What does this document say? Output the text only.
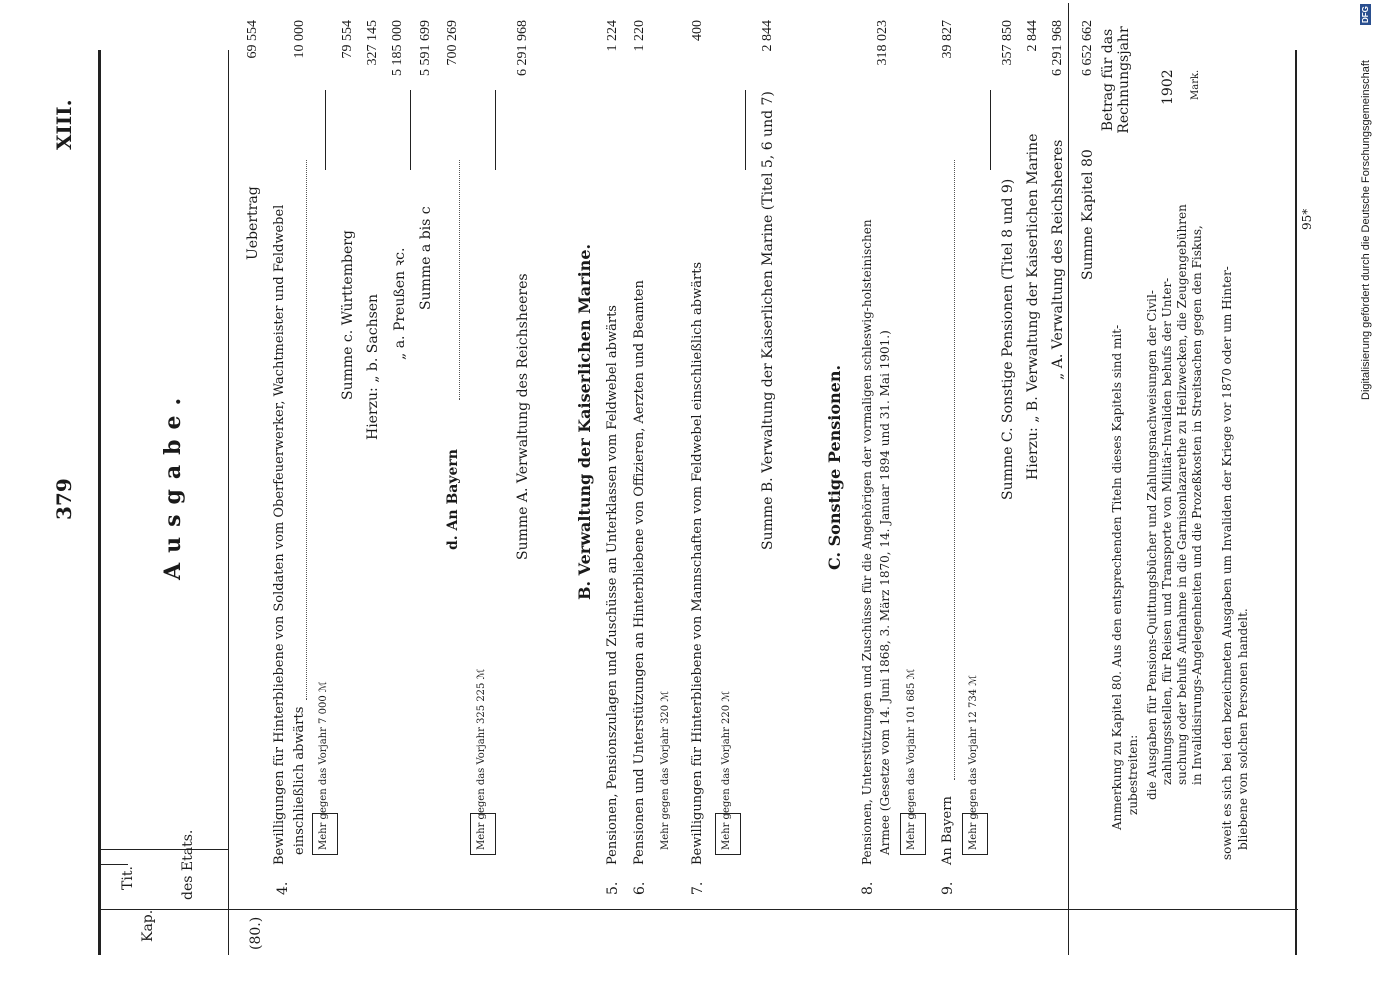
379
XIII.
Kap.
Tit.	des Etats.
Betrag für das Rechnungsjahr 1902 Mark.
Ausgabe.
(80.)
4.
Uebertrag
69 554
Bewilligungen für Hinterbliebene von Soldaten vom Oberfeuerwerker, Wachtmeister und Feldwebel einschließlich abwärts
10 000
Mehr gegen das Vorjahr 7 000 ℳ
Summe c. Württemberg
79 554
Hierzu: „ b. Sachsen
327 145
„ a. Preußen ꝛc.
5 185 000
Summe a bis c
5 591 699
d. An Bayern
700 269
Mehr gegen das Vorjahr 325 225 ℳ
Summe A. Verwaltung des Reichsheeres
6 291 968
B. Verwaltung der Kaiserlichen Marine.
5.
Pensionen, Pensionszulagen und Zuschüsse an Unterklassen vom Feldwebel abwärts
1 224
6.
Pensionen und Unterstützungen an Hinterbliebene von Offizieren, Aerzten und Beamten
1 220
Mehr gegen das Vorjahr 320 ℳ
7.
Bewilligungen für Hinterbliebene von Mannschaften vom Feldwebel einschließlich abwärts
400
Mehr gegen das Vorjahr 220 ℳ
Summe B. Verwaltung der Kaiserlichen Marine (Titel 5, 6 und 7)
2 844
C. Sonstige Pensionen.
8.
Pensionen, Unterstützungen und Zuschüsse für die Angehörigen der vormaligen schleswig-holsteinischen Armee (Gesetze vom 14. Juni 1868, 3. März 1870, 14. Januar 1894 und 31. Mai 1901.)
318 023
Mehr gegen das Vorjahr 101 685 ℳ
9.
An Bayern
39 827
Mehr gegen das Vorjahr 12 734 ℳ
Summe C. Sonstige Pensionen (Titel 8 und 9)
357 850
Hierzu: „ B. Verwaltung der Kaiserlichen Marine
2 844
„ A. Verwaltung des Reichsheeres
6 291 968
Summe Kapitel 80
6 652 662
Anmerkung zu Kapitel 80. Aus den entsprechenden Titeln dieses Kapitels sind mit- zubestreiten: die Ausgaben für Pensions-Quittungsbücher und Zahlungsnachweisungen der Civil- zahlungsstellen, für Reisen und Transporte von Militär-Invaliden behufs der Unter- suchung oder behufs Aufnahme in die Garnisonlazarethe zu Heilzwecken, die Zeugengebühren in Invalidisirungs-Angelegenheiten und die Prozeßkosten in Streitsachen gegen den Fiskus, soweit es sich bei den bezeichneten Ausgaben um Invaliden der Kriege vor 1870 oder um Hinter- bliebene von solchen Personen handelt.
95*	Digitalisierung gefördert durch die Deutsche Forschungsgemeinschaft
DFG
